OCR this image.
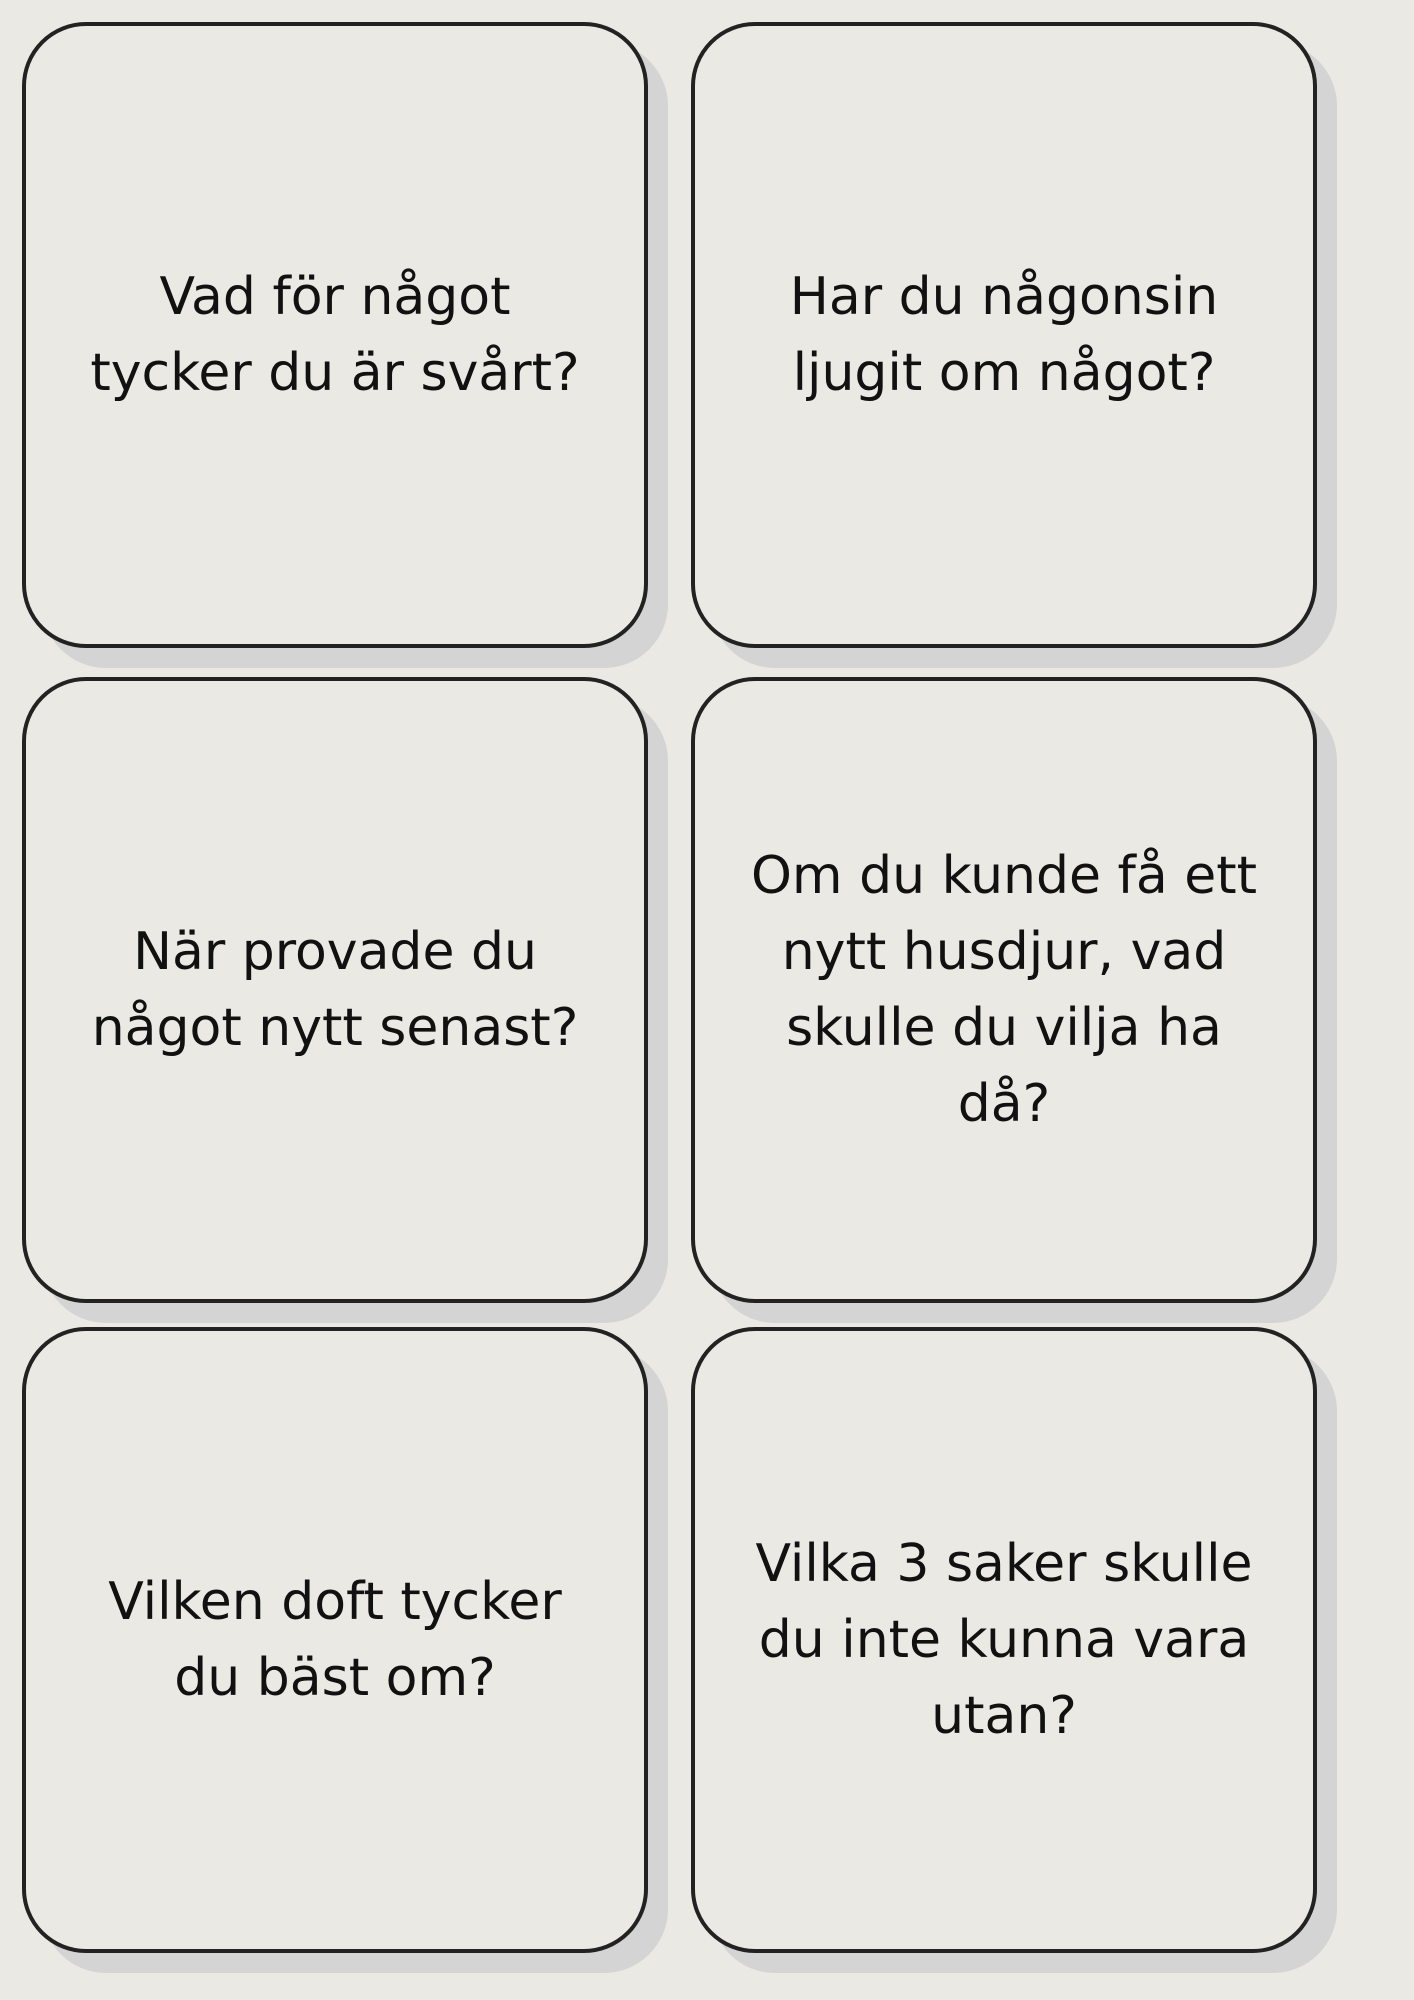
Vad för något tycker du är svårt?
Har du någonsin ljugit om något?
När provade du något nytt senast?
Om du kunde få ett nytt husdjur, vad skulle du vilja ha då?
Vilken doft tycker du bäst om?
Vilka 3 saker skulle du inte kunna vara utan?
